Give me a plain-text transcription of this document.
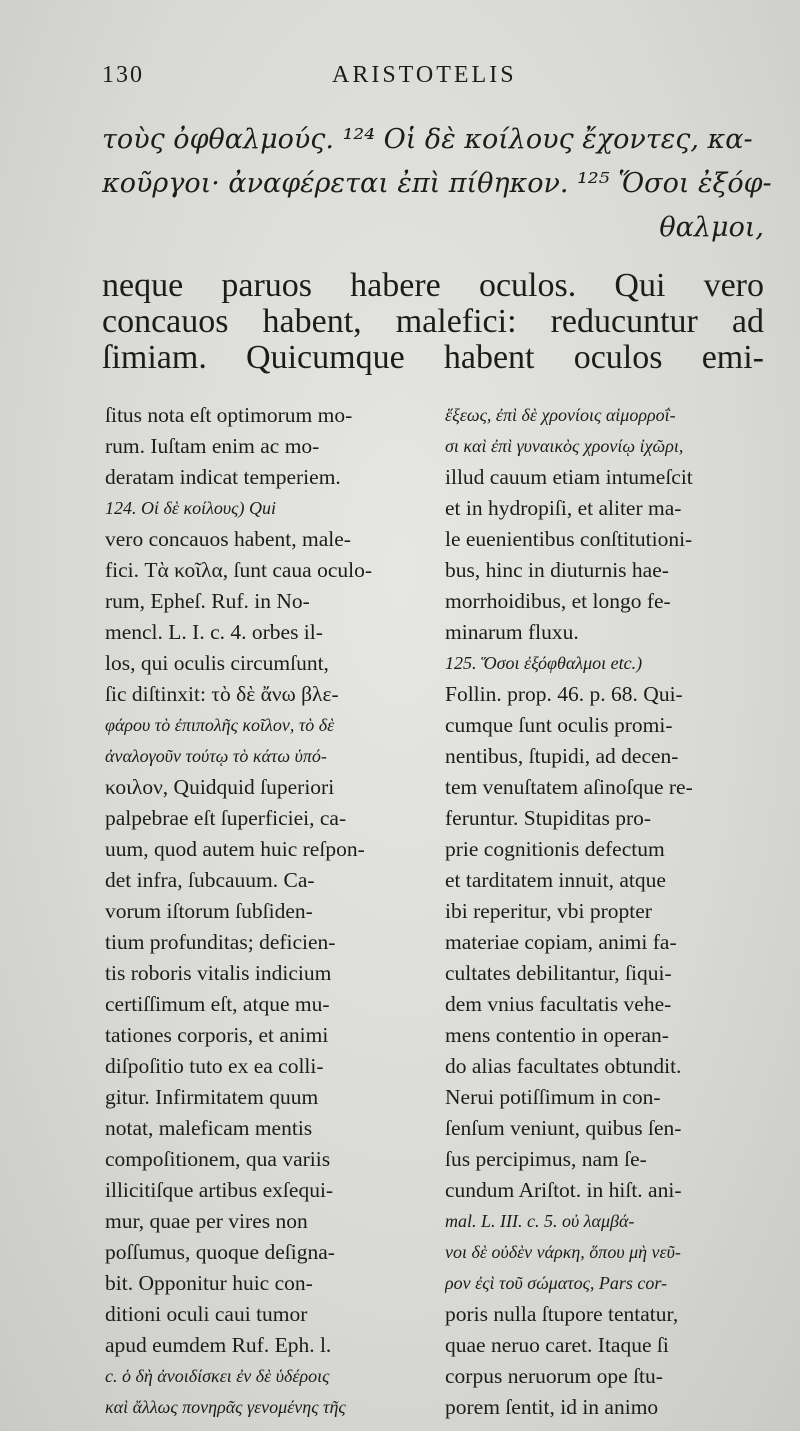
130	ARISTOTELIS
τοὺς ὀφθαλμούς. ¹²⁴ Οἱ δὲ κοίλους ἔχοντες, κα-
κοῦργοι· ἀναφέρεται ἐπὶ πίθηκον. ¹²⁵ Ὅσοι ἐξόφ-
θαλμοι,
neque paruos habere oculos. Qui vero
concauos habent, malefici: reducuntur ad
ſimiam. Quicumque habent oculos emi-
ſitus nota eſt optimorum mo-
rum. Iuſtam enim ac mo-
deratam indicat temperiem.
124. Οἱ δὲ κοίλους) Qui
vero concauos habent, male-
fici. Τὰ κοῖλα, ſunt caua oculo-
rum, Epheſ. Ruf. in No-
mencl. L. I. c. 4. orbes il-
los, qui oculis circumſunt,
ſic diſtinxit: τὸ δὲ ἄνω βλε-
φάρου τὸ ἐπιπολῆς κοῖλον, τὸ δὲ
ἀναλογοῦν τούτῳ τὸ κάτω ὑπό-
κοιλον, Quidquid ſuperiori
palpebrae eſt ſuperficiei, ca-
uum, quod autem huic reſpon-
det infra, ſubcauum. Ca-
vorum iſtorum ſubſiden-
tium profunditas; deficien-
tis roboris vitalis indicium
certiſſimum eſt, atque mu-
tationes corporis, et animi
diſpoſitio tuto ex ea colli-
gitur. Infirmitatem quum
notat, maleficam mentis
compoſitionem, qua variis
illicitiſque artibus exſequi-
mur, quae per vires non
poſſumus, quoque deſigna-
bit. Opponitur huic con-
ditioni oculi caui tumor
apud eumdem Ruf. Eph. l.
c. ὁ δὴ ἀνοιδίσκει ἐν δὲ ὑδέροις
καὶ ἄλλως πονηρᾶς γενομένης τῆς
ἕξεως, ἐπὶ δὲ χρονίοις αἱμορροΐ-
σι καὶ ἐπὶ γυναικὸς χρονίῳ ἰχῶρι,
illud cauum etiam intumeſcit
et in hydropiſi, et aliter ma-
le euenientibus conſtitutioni-
bus, hinc in diuturnis hae-
morrhoidibus, et longo fe-
minarum fluxu.
125. Ὅσοι ἐξόφθαλμοι etc.)
Follin. prop. 46. p. 68. Qui-
cumque ſunt oculis promi-
nentibus, ſtupidi, ad decen-
tem venuſtatem aſinoſque re-
feruntur. Stupiditas pro-
prie cognitionis defectum
et tarditatem innuit, atque
ibi reperitur, vbi propter
materiae copiam, animi fa-
cultates debilitantur, ſiqui-
dem vnius facultatis vehe-
mens contentio in operan-
do alias facultates obtundit.
Nerui potiſſimum in con-
ſenſum veniunt, quibus ſen-
ſus percipimus, nam ſe-
cundum Ariſtot. in hiſt. ani-
mal. L. III. c. 5. οὐ λαμβά-
νοι δὲ οὐδὲν νάρκη, ὅπου μὴ νεῦ-
ρον ἐςὶ τοῦ σώματος, Pars cor-
poris nulla ſtupore tentatur,
quae neruo caret. Itaque ſi
corpus neruorum ope ſtu-
porem ſentit, id in animo
